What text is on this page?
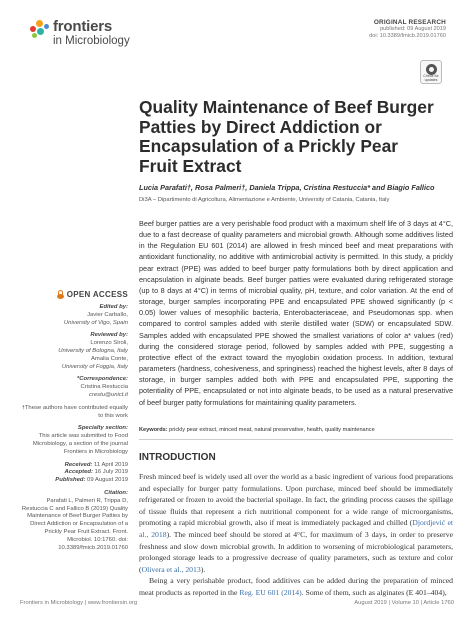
frontiers
in Microbiology
ORIGINAL RESEARCH
published: 09 August 2019
doi: 10.3389/fmicb.2019.01760
Check for updates
Quality Maintenance of Beef Burger Patties by Direct Addiction or Encapsulation of a Prickly Pear Fruit Extract
Lucia Parafati†, Rosa Palmeri†, Daniela Trippa, Cristina Restuccia* and Biagio Fallico
Di3A – Dipartimento di Agricoltura, Alimentazione e Ambiente, University of Catania, Catania, Italy
Beef burger patties are a very perishable food product with a maximum shelf life of 3 days at 4°C, due to a fast decrease of quality parameters and microbial growth. Although some additives listed in the Regulation EU 601 (2014) are allowed in fresh minced beef and meat preparations with antioxidant functionality, no additive with antimicrobial activity is permitted. In this study, a prickly pear extract (PPE) was added to beef burger patty formulations both by direct application and encapsulation in alginate beads. Beef burger patties were evaluated during refrigerated storage (up to 8 days at 4°C) in terms of microbial quality, pH, texture, and color variation. At the end of storage, burger samples incorporating PPE and encapsulated PPE showed significantly (p < 0.05) lower values of mesophilic bacteria, Enterobacteriaceae, and Pseudomonas spp. when compared to control samples added with sterile distilled water (SDW) or encapsulated SDW. Samples added with encapsulated PPE showed the smallest variations of color a* values (red) during the considered storage period, followed by samples added with PPE, suggesting a protective effect of the extract toward the myoglobin oxidation process. In addition, textural parameters (hardness, cohesiveness, and springiness) reached the highest levels, after 8 days of storage, in burger samples added both with PPE and encapsulated PPE, supporting the potentiality of PPE, encapsulated or not into alginate beads, to be used as a natural preservative of beef burger patty formulations for maintaining quality parameters.
Keywords: prickly pear extract, minced meat, natural preservative, health, quality maintenance
OPEN ACCESS
Edited by:
Javier Carballo,
University of Vigo, Spain
Reviewed by:
Lorenzo Siroli,
University of Bologna, Italy
Amalia Conte,
University of Foggia, Italy
*Correspondence:
Cristina Restuccia
crestu@unict.it
†These authors have contributed equally to this work
Specialty section:
This article was submitted to Food Microbiology, a section of the journal Frontiers in Microbiology
Received: 11 April 2019
Accepted: 16 July 2019
Published: 09 August 2019
Citation:
Parafati L, Palmeri R, Trippa D, Restuccia C and Fallico B (2019) Quality Maintenance of Beef Burger Patties by Direct Addiction or Encapsulation of a Prickly Pear Fruit Extract. Front. Microbiol. 10:1760. doi: 10.3389/fmicb.2019.01760
INTRODUCTION

Fresh minced beef is widely used all over the world as a basic ingredient of various food preparations and especially for burger patty formulations. Upon purchase, minced beef should be immediately refrigerated or frozen to avoid the bacterial spoilage. In fact, the grinding process causes the spillage of tissue fluids that represent a rich nutritional component for a wide range of microorganisms, promoting a rapid microbial growth, also if meat is immediately packaged and chilled (Djordjević et al., 2018). The minced beef should be stored at 4°C, for maximum of 3 days, in order to preserve freshness and slow down microbial growth. In addition to worsening of microbiological parameters, prolonged storage leads to a progressive decrease of quality parameters, such as texture and color (Olivera et al., 2013).

Being a very perishable product, food additives can be added during the preparation of minced meat products as reported in the Reg. EU 601 (2014). Some of them, such as alginates (E 401–404),

Frontiers in Microbiology | www.frontiersin.org	August 2019 | Volume 10 | Article 1760
